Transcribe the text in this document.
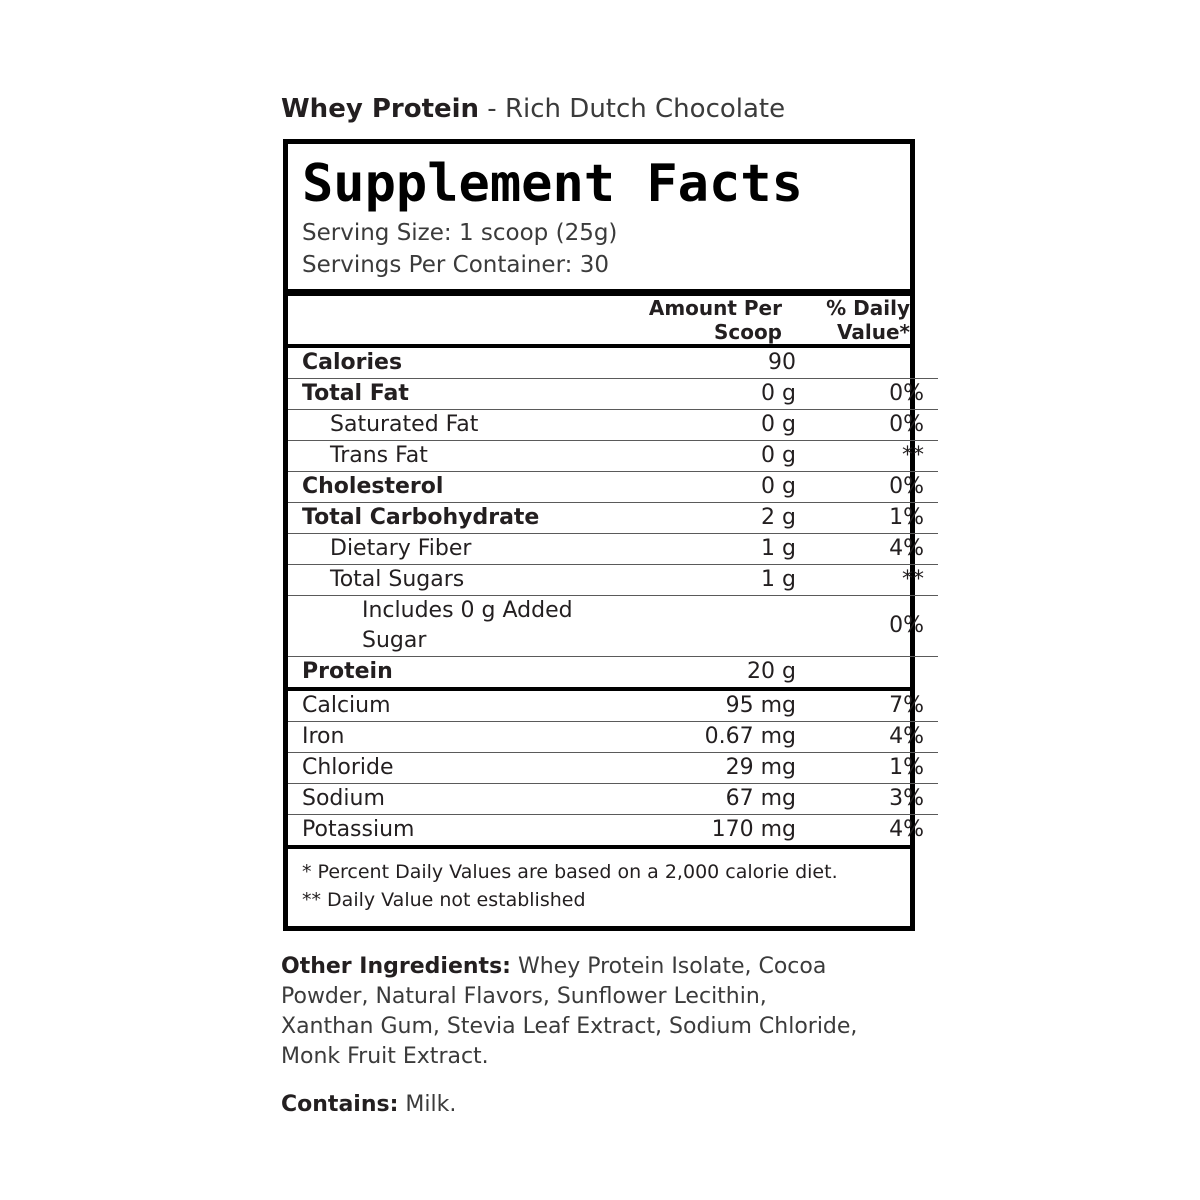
Whey Protein - Rich Dutch Chocolate
Supplement Facts
Serving Size: 1 scoop (25g)
Servings Per Container: 30
	Amount Per Scoop	% Daily Value*
Calories	90	
Total Fat	0 g	0%
Saturated Fat	0 g	0%
Trans Fat	0 g	**
Cholesterol	0 g	0%
Total Carbohydrate	2 g	1%
Dietary Fiber	1 g	4%
Total Sugars	1 g	**
Includes 0 g Added Sugar		0%
Protein	20 g	
Calcium	95 mg	7%
Iron	0.67 mg	4%
Chloride	29 mg	1%
Sodium	67 mg	3%
Potassium	170 mg	4%
* Percent Daily Values are based on a 2,000 calorie diet.
** Daily Value not established
Other Ingredients: Whey Protein Isolate, Cocoa Powder, Natural Flavors, Sunflower Lecithin, Xanthan Gum, Stevia Leaf Extract, Sodium Chloride, Monk Fruit Extract.
Contains: Milk.
